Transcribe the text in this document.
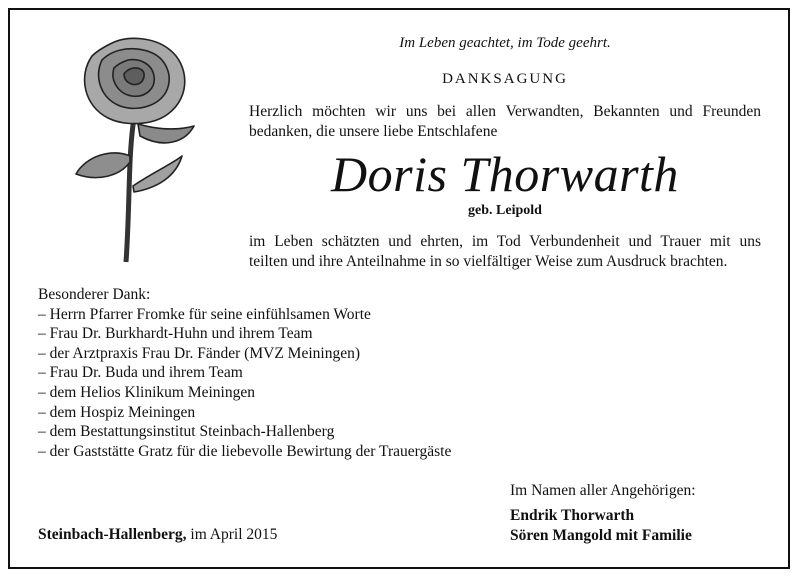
Im Leben geachtet, im Tode geehrt.
DANKSAGUNG
Herzlich möchten wir uns bei allen Verwandten, Bekannten und Freunden
bedanken, die unsere liebe Entschlafene
Doris Thorwarth
geb. Leipold
im Leben schätzten und ehrten, im Tod Verbundenheit und Trauer mit uns
teilten und ihre Anteilnahme in so vielfältiger Weise zum Ausdruck brachten.
Besonderer Dank:
– Herrn Pfarrer Fromke für seine einfühlsamen Worte
– Frau Dr. Burkhardt-Huhn und ihrem Team
– der Arztpraxis Frau Dr. Fänder (MVZ Meiningen)
– Frau Dr. Buda und ihrem Team
– dem Helios Klinikum Meiningen
– dem Hospiz Meiningen
– dem Bestattungsinstitut Steinbach-Hallenberg
– der Gaststätte Gratz für die liebevolle Bewirtung der Trauergäste
Steinbach-Hallenberg, im April 2015
Im Namen aller Angehörigen:
Endrik Thorwarth
Sören Mangold mit Familie
